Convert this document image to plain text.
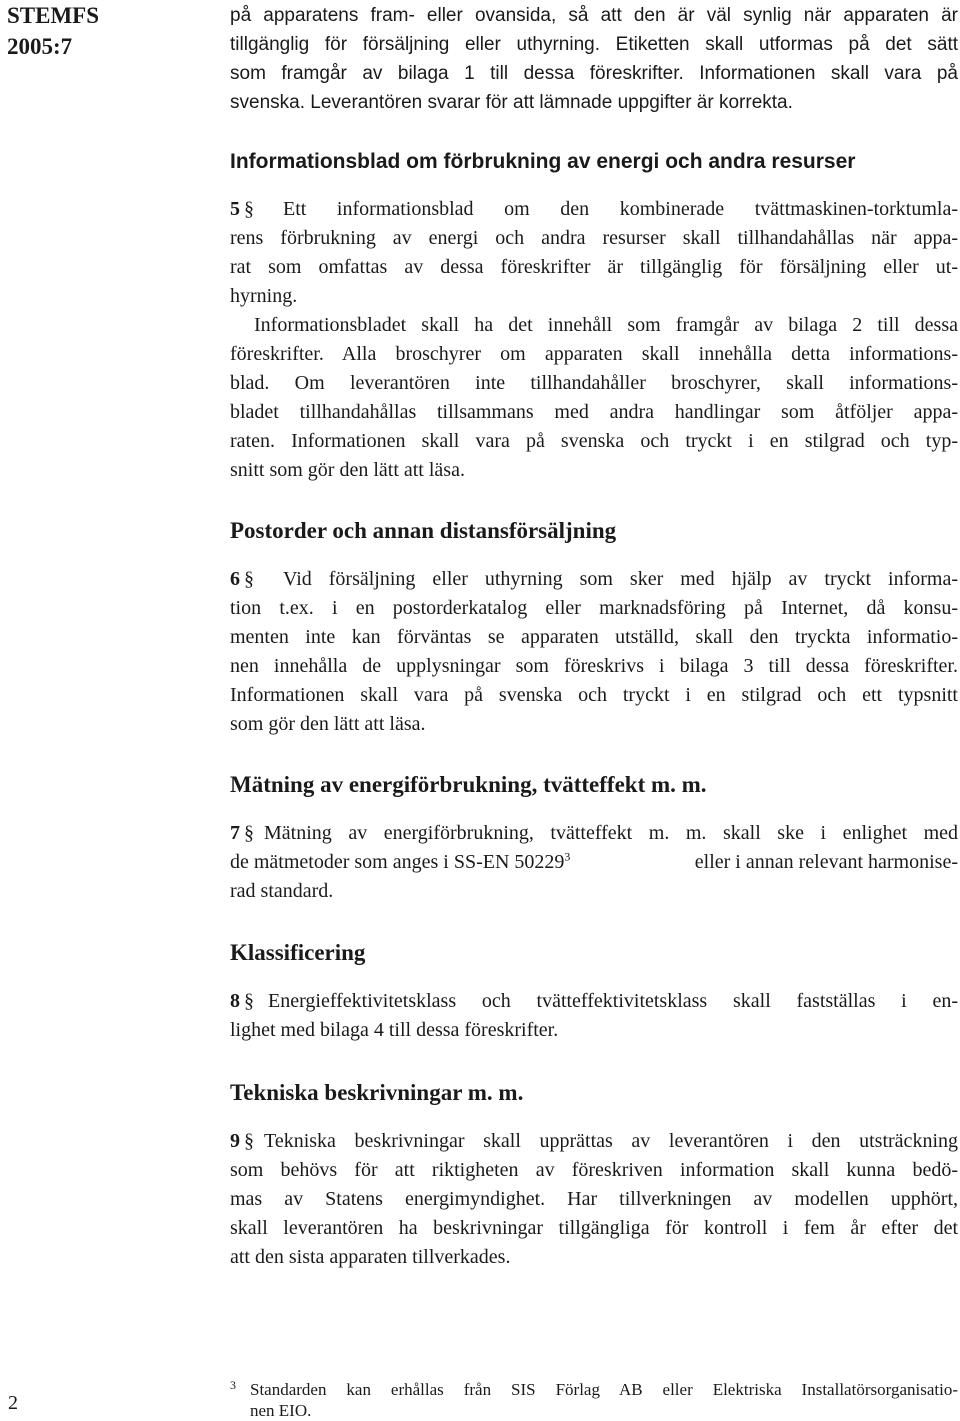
STEMFS
2005:7
på apparatens fram- eller ovansida, så att den är väl synlig när apparaten är
tillgänglig för försäljning eller uthyrning. Etiketten skall utformas på det sätt
som framgår av bilaga 1 till dessa föreskrifter. Informationen skall vara på
svenska. Leverantören svarar för att lämnade uppgifter är korrekta.
Informationsblad om förbrukning av energi och andra resurser
5 § Ett informationsblad om den kombinerade tvättmaskinen-torktumla-
rens förbrukning av energi och andra resurser skall tillhandahållas när appa-
rat som omfattas av dessa föreskrifter är tillgänglig för försäljning eller ut-
hyrning.
Informationsbladet skall ha det innehåll som framgår av bilaga 2 till dessa
föreskrifter. Alla broschyrer om apparaten skall innehålla detta informations-
blad. Om leverantören inte tillhandahåller broschyrer, skall informations-
bladet tillhandahållas tillsammans med andra handlingar som åtföljer appa-
raten. Informationen skall vara på svenska och tryckt i en stilgrad och typ-
snitt som gör den lätt att läsa.
Postorder och annan distansförsäljning
6 § Vid försäljning eller uthyrning som sker med hjälp av tryckt informa-
tion t.ex. i en postorderkatalog eller marknadsföring på Internet, då konsu-
menten inte kan förväntas se apparaten utställd, skall den tryckta informatio-
nen innehålla de upplysningar som föreskrivs i bilaga 3 till dessa föreskrifter.
Informationen skall vara på svenska och tryckt i en stilgrad och ett typsnitt
som gör den lätt att läsa.
Mätning av energiförbrukning, tvätteffekt m. m.
7 § Mätning av energiförbrukning, tvätteffekt m. m. skall ske i enlighet med
de mätmetoder som anges i SS-EN 50229$^3$	eller i annan relevant harmonise-
rad standard.
Klassificering
8 § Energieffektivitetsklass och tvätteffektivitetsklass skall fastställas i en-
lighet med bilaga 4 till dessa föreskrifter.
Tekniska beskrivningar m. m.
9 § Tekniska beskrivningar skall upprättas av leverantören i den utsträckning
som behövs för att riktigheten av föreskriven information skall kunna bedö-
mas av Statens energimyndighet. Har tillverkningen av modellen upphört,
skall leverantören ha beskrivningar tillgängliga för kontroll i fem år efter det
att den sista apparaten tillverkades.
3 Standarden kan erhållas från SIS Förlag AB eller Elektriska Installatörsorganisatio-
nen EIO.
2
